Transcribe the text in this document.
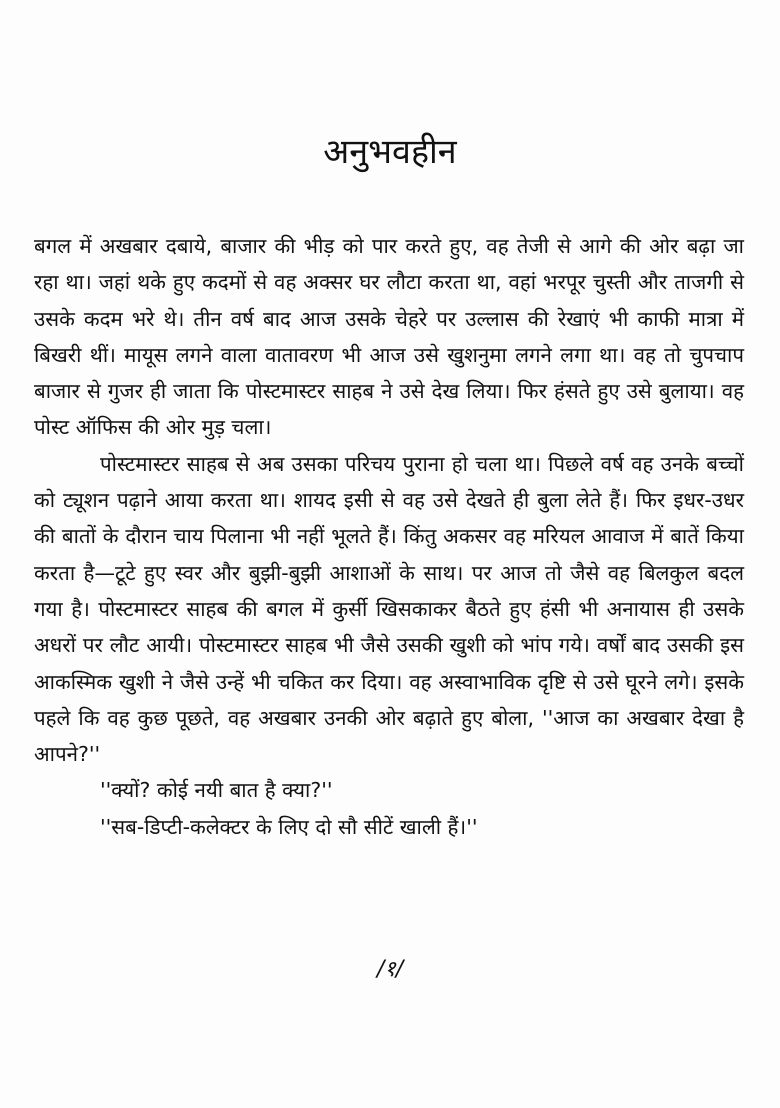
अनुभवहीन

बगल में अखबार दबाये, बाजार की भीड़ को पार करते हुए, वह तेजी से आगे की ओर बढ़ा जा रहा था। जहां थके हुए कदमों से वह अक्सर घर लौटा करता था, वहां भरपूर चुस्ती और ताजगी से उसके कदम भरे थे। तीन वर्ष बाद आज उसके चेहरे पर उल्लास की रेखाएं भी काफी मात्रा में बिखरी थीं। मायूस लगने वाला वातावरण भी आज उसे खुशनुमा लगने लगा था। वह तो चुपचाप बाजार से गुजर ही जाता कि पोस्टमास्टर साहब ने उसे देख लिया। फिर हंसते हुए उसे बुलाया। वह पोस्ट ऑफिस की ओर मुड़ चला।

पोस्टमास्टर साहब से अब उसका परिचय पुराना हो चला था। पिछले वर्ष वह उनके बच्चों को ट्यूशन पढ़ाने आया करता था। शायद इसी से वह उसे देखते ही बुला लेते हैं। फिर इधर-उधर की बातों के दौरान चाय पिलाना भी नहीं भूलते हैं। किंतु अकसर वह मरियल आवाज में बातें किया करता है—टूटे हुए स्वर और बुझी-बुझी आशाओं के साथ। पर आज तो जैसे वह बिलकुल बदल गया है। पोस्टमास्टर साहब की बगल में कुर्सी खिसकाकर बैठते हुए हंसी भी अनायास ही उसके अधरों पर लौट आयी। पोस्टमास्टर साहब भी जैसे उसकी खुशी को भांप गये। वर्षों बाद उसकी इस आकस्मिक खुशी ने जैसे उन्हें भी चकित कर दिया। वह अस्वाभाविक दृष्टि से उसे घूरने लगे। इसके पहले कि वह कुछ पूछते, वह अखबार उनकी ओर बढ़ाते हुए बोला, ''आज का अखबार देखा है आपने?''

''क्यों? कोई नयी बात है क्या?''

''सब-डिप्टी-कलेक्टर के लिए दो सौ सीटें खाली हैं।''

/१/
